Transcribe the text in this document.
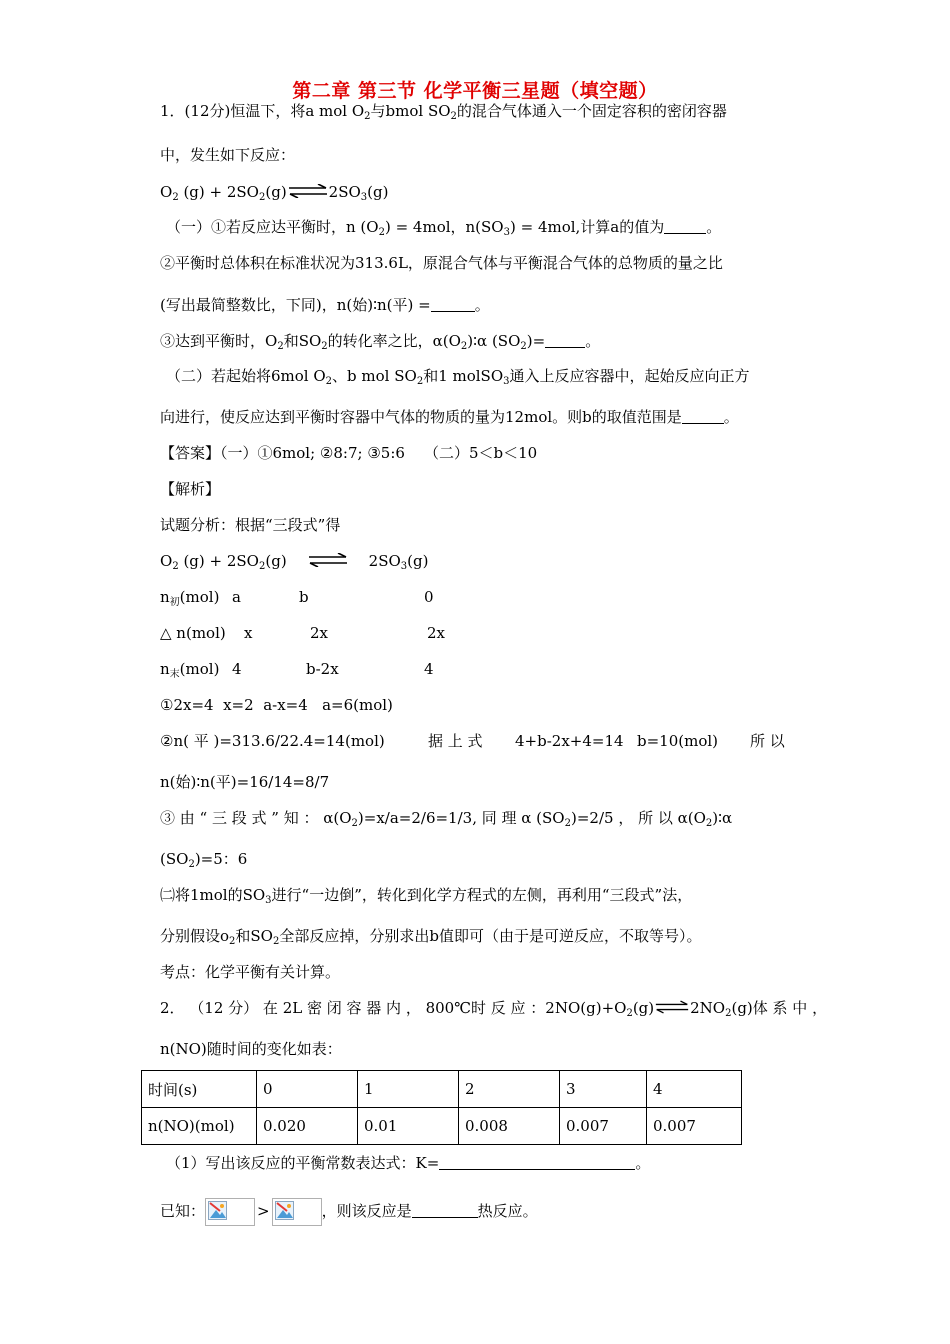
第二章 第三节 化学平衡三星题（填空题）
1．(12分)恒温下，将a mol $O_2$与bmol $SO_2$的混合气体通入一个固定容积的密闭容器
中，发生如下反应：
$O_2$ $(g) + 2SO_2(g)\rightleftharpoons 2SO_3(g)$
（一）①若反应达平衡时，n $(O_2) = 4mol$，$n(SO_3) = 4mol$,计算a的值为	。
②平衡时总体积在标准状况为313.6L，原混合气体与平衡混合气体的总物质的量之比
(写出最简整数比，下同)，n(始)∶n(平) =	。
③达到平衡时，$O_2$和$SO_2$的转化率之比，$\alpha(O_2)∶\alpha$ $(SO_2)=$	。
（二）若起始将6mol $O_2$、b mol $SO_2$和1 molSO$_3$通入上反应容器中，起始反应向正方
向进行，使反应达到平衡时容器中气体的物质的量为12mol。则b的取值范围是	。
【答案】（一）①6mol; ②8:7; ③5:6    （二）5＜b＜10
【解析】
试题分析：根据“三段式”得
$O_2$ $(g) + 2SO_2(g)$ ⇌ $2SO_3(g)$
$n_初(mol)$ a	b	0
△ n(mol) x	2x	2x
$n_末(mol)$ 4	b-2x	4
①2x=4  x=2  a-x=4   a=6(mol)
②n( 平 )=313.6/22.4=14(mol)	据 上 式 4+b-2x+4=14 b=10(mol) 所 以
n(始)∶n(平)=16/14=8/7
③ 由 “ 三 段 式 ” 知 ： $\alpha(O_2)=x/a=2/6=1/3$, 同 理 α $(SO_2)=2/5$ ， 所 以 $\alpha(O_2)∶\alpha$
$(SO_2)=5$：6
㈡将1mol的$SO_3$进行“一边倒”，转化到化学方程式的左侧，再利用“三段式”法，
分别假设$o_2$和$SO_2$全部反应掉，分别求出b值即可（由于是可逆反应，不取等号）。
考点：化学平衡有关计算。
2． （12 分） 在 2L 密 闭 容 器 内 ， 800℃时 反 应 ：$2NO(g)+O_2(g)\rightleftharpoons 2NO_2(g)$体 系 中 ，
n(NO)随时间的变化如表：
时间(s)	0	1	2	3	4
n(NO)(mol)	0.020	0.01	0.008	0.007	0.007
（1）写出该反应的平衡常数表达式：K=	。
已知：	>	，则该反应是	热反应。
